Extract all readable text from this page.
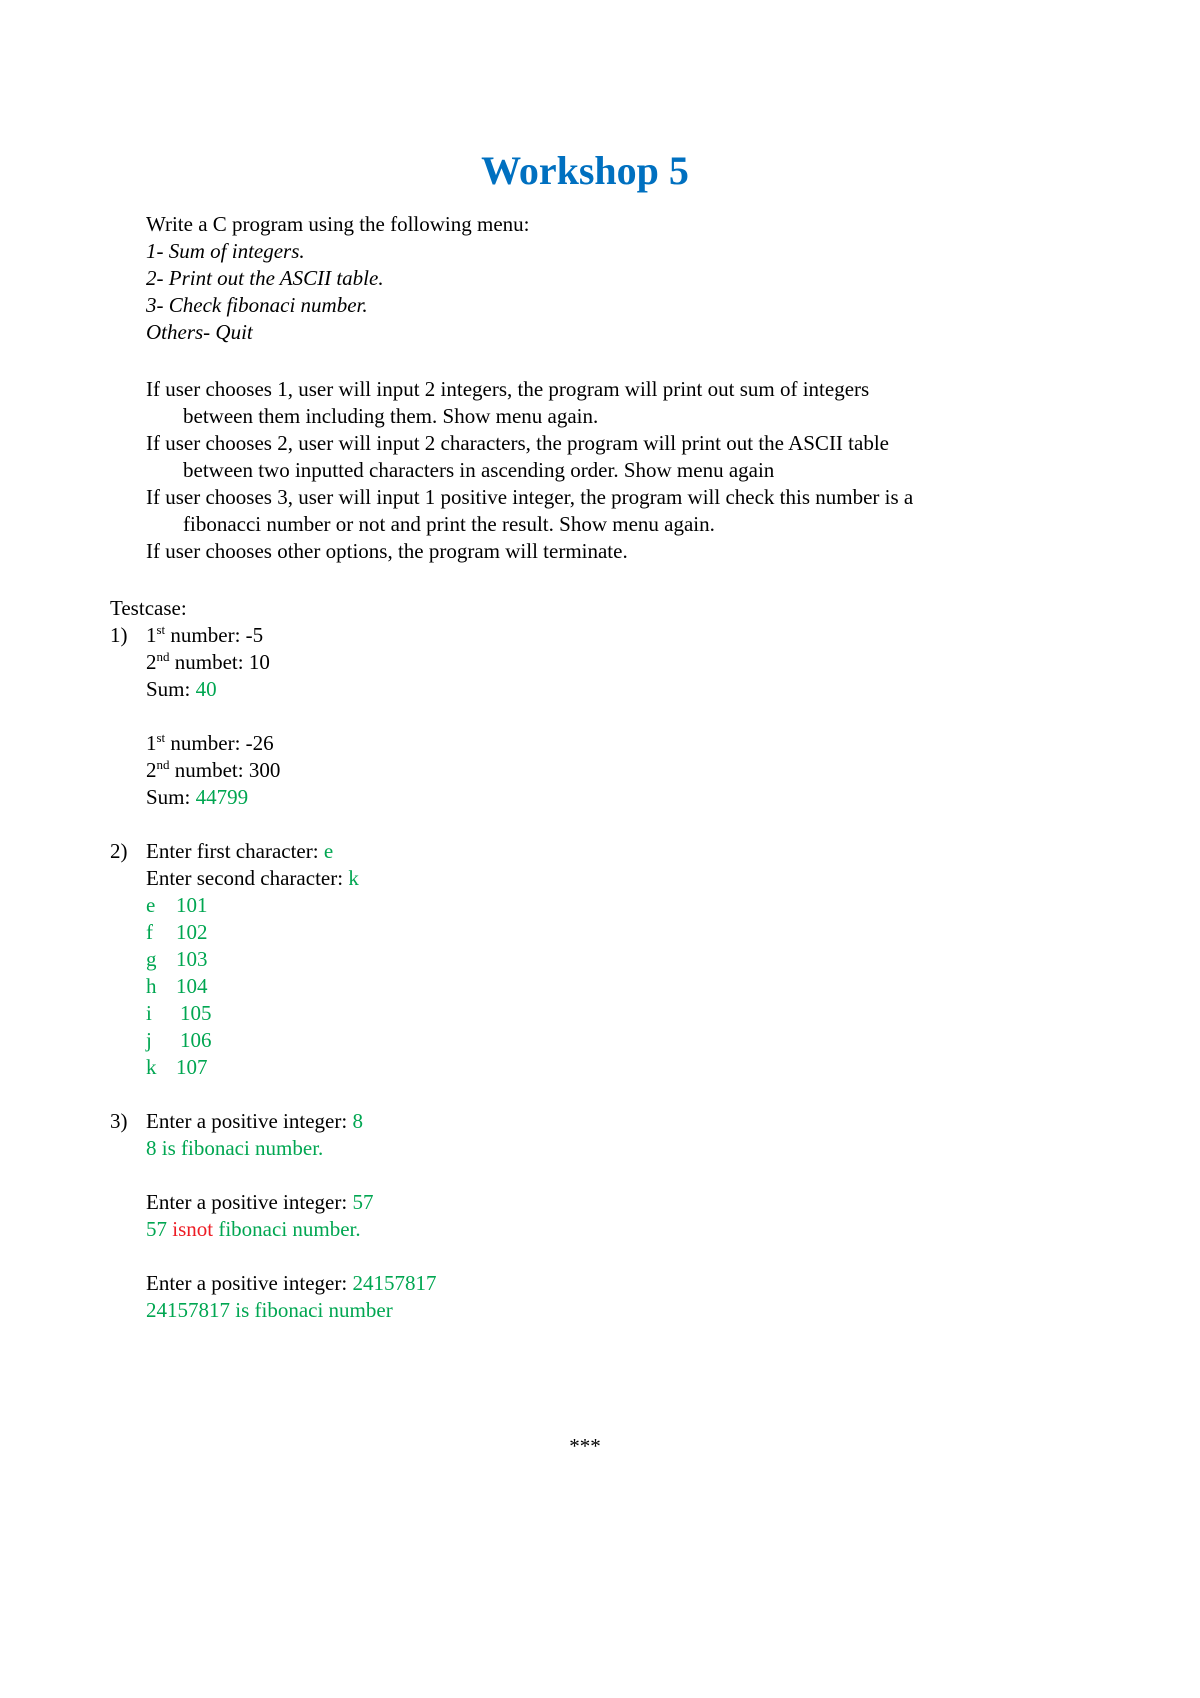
Workshop 5
Write a C program using the following menu:
1- Sum of integers.
2- Print out the ASCII table.
3- Check fibonaci number.
Others- Quit
If user chooses 1, user will input 2 integers, the program will print out sum of integers
between them including them. Show menu again.
If user chooses 2, user will input 2 characters, the program will print out the ASCII table
between two inputted characters in ascending order. Show menu again
If user chooses 3, user will input 1 positive integer, the program will check this number is a
fibonacci number or not and print the result. Show menu again.
If user chooses other options, the program will terminate.
Testcase:
1) 1st number: -5
2nd numbet: 10
Sum: 40
1st number: -26
2nd numbet: 300
Sum: 44799
2) Enter first character: e
Enter second character: k
e 101
f 102
g 103
h 104
i 105
j 106
k 107
3) Enter a positive integer: 8
8 is fibonaci number.
Enter a positive integer: 57
57 isnot fibonaci number.
Enter a positive integer: 24157817
24157817 is fibonaci number
***
